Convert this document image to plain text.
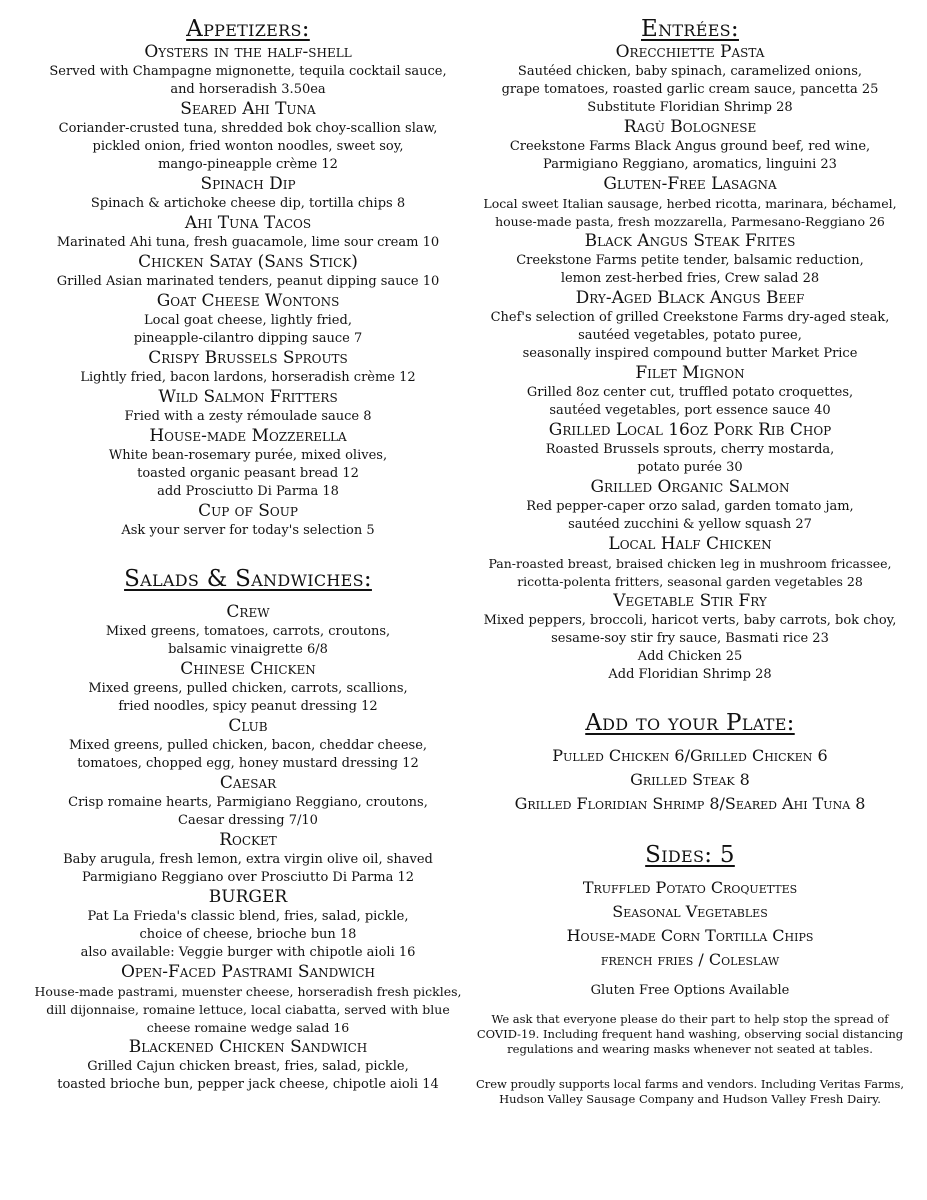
Appetizers:
Oysters in the half-shell
Served with Champagne mignonette, tequila cocktail sauce,
and horseradish 3.50ea
Seared Ahi Tuna
Coriander-crusted tuna, shredded bok choy-scallion slaw,
pickled onion, fried wonton noodles, sweet soy,
mango-pineapple crème 12
Spinach Dip
Spinach & artichoke cheese dip, tortilla chips 8
Ahi Tuna Tacos
Marinated Ahi tuna, fresh guacamole, lime sour cream 10
Chicken Satay (Sans Stick)
Grilled Asian marinated tenders, peanut dipping sauce 10
Goat Cheese Wontons
Local goat cheese, lightly fried,
pineapple-cilantro dipping sauce 7
Crispy Brussels Sprouts
Lightly fried, bacon lardons, horseradish crème 12
Wild Salmon Fritters
Fried with a zesty rémoulade sauce 8
House-made Mozzerella
White bean-rosemary purée, mixed olives,
toasted organic peasant bread 12
add Prosciutto Di Parma 18
Cup of Soup
Ask your server for today's selection 5
Salads & Sandwiches:
Crew
Mixed greens, tomatoes, carrots, croutons,
balsamic vinaigrette 6/8
Chinese Chicken
Mixed greens, pulled chicken, carrots, scallions,
fried noodles, spicy peanut dressing 12
Club
Mixed greens, pulled chicken, bacon, cheddar cheese,
tomatoes, chopped egg, honey mustard dressing 12
Caesar
Crisp romaine hearts, Parmigiano Reggiano, croutons,
Caesar dressing 7/10
Rocket
Baby arugula, fresh lemon, extra virgin olive oil, shaved
Parmigiano Reggiano over Prosciutto Di Parma 12
BURGER
Pat La Frieda's classic blend, fries, salad, pickle,
choice of cheese, brioche bun 18
also available: Veggie burger with chipotle aioli 16
Open-Faced Pastrami Sandwich
House-made pastrami, muenster cheese, horseradish fresh pickles,
dill dijonnaise, romaine lettuce, local ciabatta, served with blue
cheese romaine wedge salad 16
Blackened Chicken Sandwich
Grilled Cajun chicken breast, fries, salad, pickle,
toasted brioche bun, pepper jack cheese, chipotle aioli 14
Entrées:
Orecchiette Pasta
Sautéed chicken, baby spinach, caramelized onions,
grape tomatoes, roasted garlic cream sauce, pancetta 25
Substitute Floridian Shrimp 28
Ragù Bolognese
Creekstone Farms Black Angus ground beef, red wine,
Parmigiano Reggiano, aromatics, linguini 23
Gluten-Free Lasagna
Local sweet Italian sausage, herbed ricotta, marinara, béchamel,
house-made pasta, fresh mozzarella, Parmesano-Reggiano 26
Black Angus Steak Frites
Creekstone Farms petite tender, balsamic reduction,
lemon zest-herbed fries, Crew salad 28
Dry-Aged Black Angus Beef
Chef's selection of grilled Creekstone Farms dry-aged steak,
sautéed vegetables, potato puree,
seasonally inspired compound butter Market Price
Filet Mignon
Grilled 8oz center cut, truffled potato croquettes,
sautéed vegetables, port essence sauce 40
Grilled Local 16oz Pork Rib Chop
Roasted Brussels sprouts, cherry mostarda,
potato purée 30
Grilled Organic Salmon
Red pepper-caper orzo salad, garden tomato jam,
sautéed zucchini & yellow squash 27
Local Half Chicken
Pan-roasted breast, braised chicken leg in mushroom fricassee,
ricotta-polenta fritters, seasonal garden vegetables 28
Vegetable Stir Fry
Mixed peppers, broccoli, haricot verts, baby carrots, bok choy,
sesame-soy stir fry sauce, Basmati rice 23
Add Chicken 25
Add Floridian Shrimp 28
Add to your Plate:
Pulled Chicken 6/Grilled Chicken 6
Grilled Steak 8
Grilled Floridian Shrimp 8/Seared Ahi Tuna 8
Sides: 5
Truffled Potato Croquettes
Seasonal Vegetables
House-made Corn Tortilla Chips
french fries / Coleslaw
Gluten Free Options Available
We ask that everyone please do their part to help stop the spread of
COVID-19. Including frequent hand washing, observing social distancing
regulations and wearing masks whenever not seated at tables.
Crew proudly supports local farms and vendors. Including Veritas Farms,
Hudson Valley Sausage Company and Hudson Valley Fresh Dairy.
